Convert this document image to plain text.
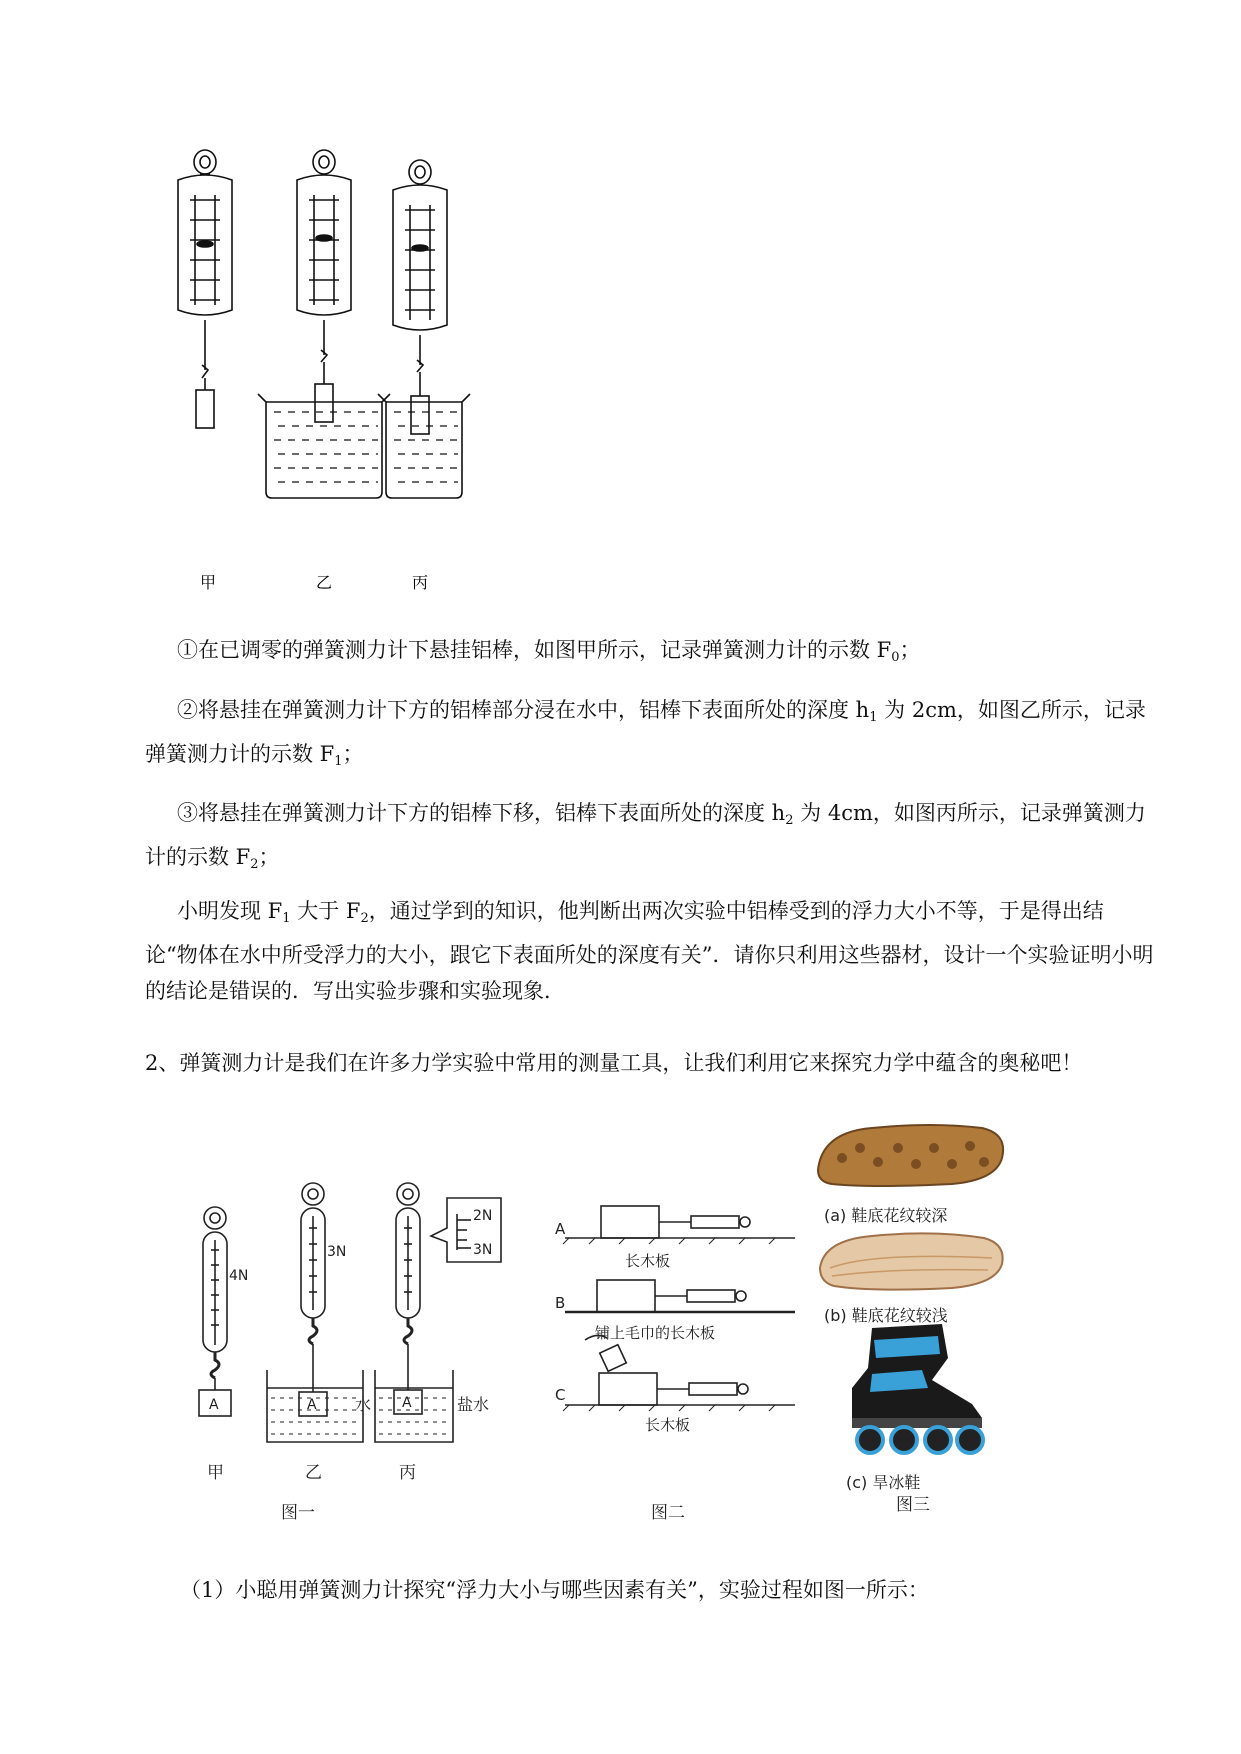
甲	乙	丙

①在已调零的弹簧测力计下悬挂铝棒，如图甲所示，记录弹簧测力计的示数 $F_0$；

②将悬挂在弹簧测力计下方的铝棒部分浸在水中，铝棒下表面所处的深度 $h_1$ 为 2cm，如图乙所示，记录弹簧测力计的示数 $F_1$；

③将悬挂在弹簧测力计下方的铝棒下移，铝棒下表面所处的深度 $h_2$ 为 4cm，如图丙所示，记录弹簧测力计的示数 $F_2$；

小明发现 $F_1$ 大于 $F_2$，通过学到的知识，他判断出两次实验中铝棒受到的浮力大小不等，于是得出结论“物体在水中所受浮力的大小，跟它下表面所处的深度有关”．请你只利用这些器材，设计一个实验证明小明的结论是错误的．写出实验步骤和实验现象．

2、弹簧测力计是我们在许多力学实验中常用的测量工具，让我们利用它来探究力学中蕴含的奥秘吧！

4N
3N
2N
3N
A	A	A
水	盐水
甲	乙	丙
图一
A
长木板
B
铺上毛巾的长木板
C
长木板
图二
(a) 鞋底花纹较深
(b) 鞋底花纹较浅
(c) 旱冰鞋
图三

（1）小聪用弹簧测力计探究“浮力大小与哪些因素有关”，实验过程如图一所示：
